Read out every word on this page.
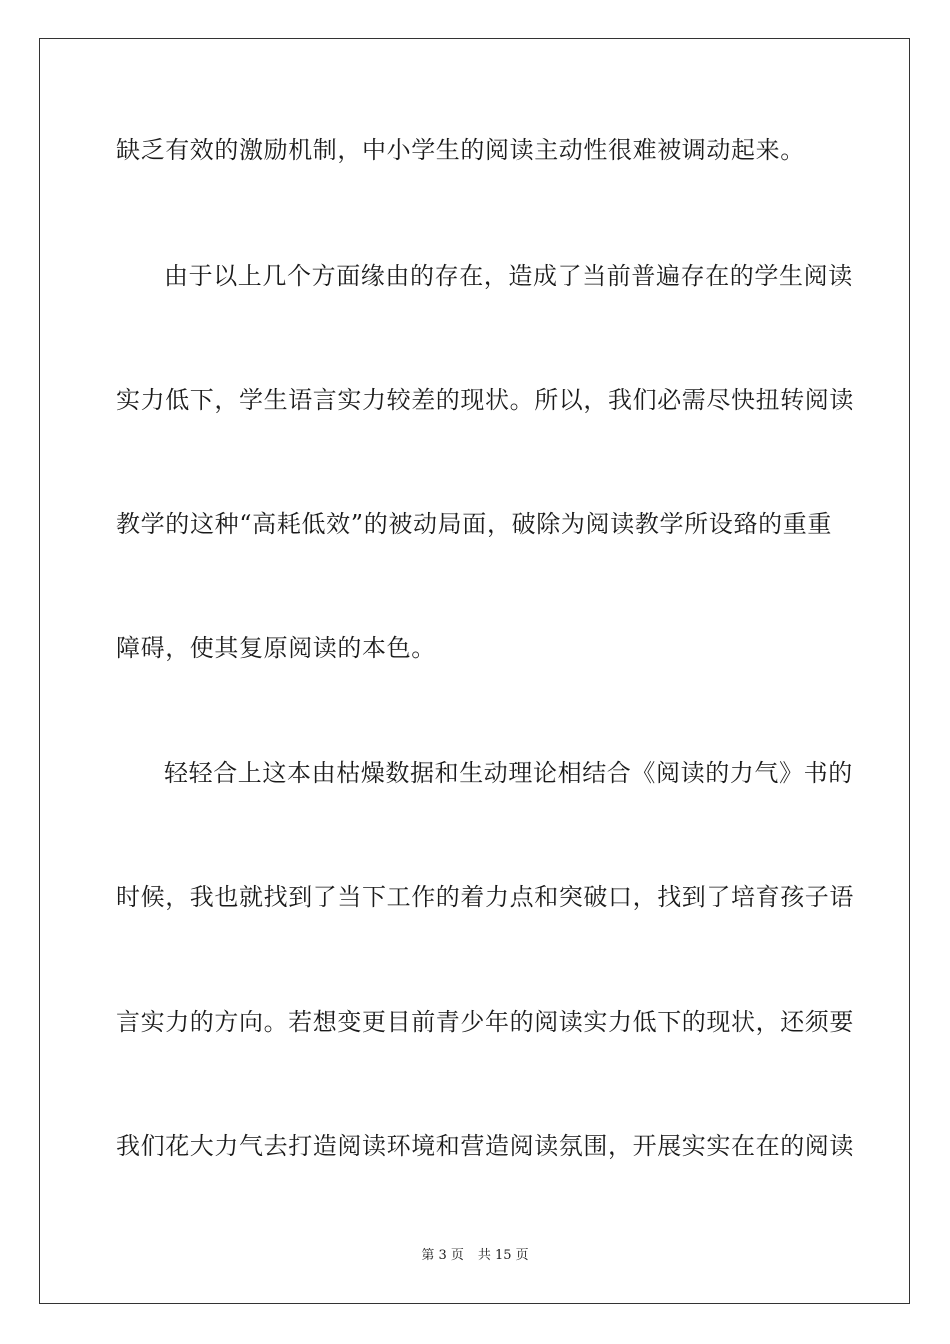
缺乏有效的激励机制，中小学生的阅读主动性很难被调动起来。
由于以上几个方面缘由的存在，造成了当前普遍存在的学生阅读
实力低下，学生语言实力较差的现状。所以，我们必需尽快扭转阅读
教学的这种“高耗低效”的被动局面，破除为阅读教学所设臵的重重
障碍，使其复原阅读的本色。
轻轻合上这本由枯燥数据和生动理论相结合《阅读的力气》书的
时候，我也就找到了当下工作的着力点和突破口，找到了培育孩子语
言实力的方向。若想变更目前青少年的阅读实力低下的现状，还须要
我们花大力气去打造阅读环境和营造阅读氛围，开展实实在在的阅读
第 3 页 共 15 页
